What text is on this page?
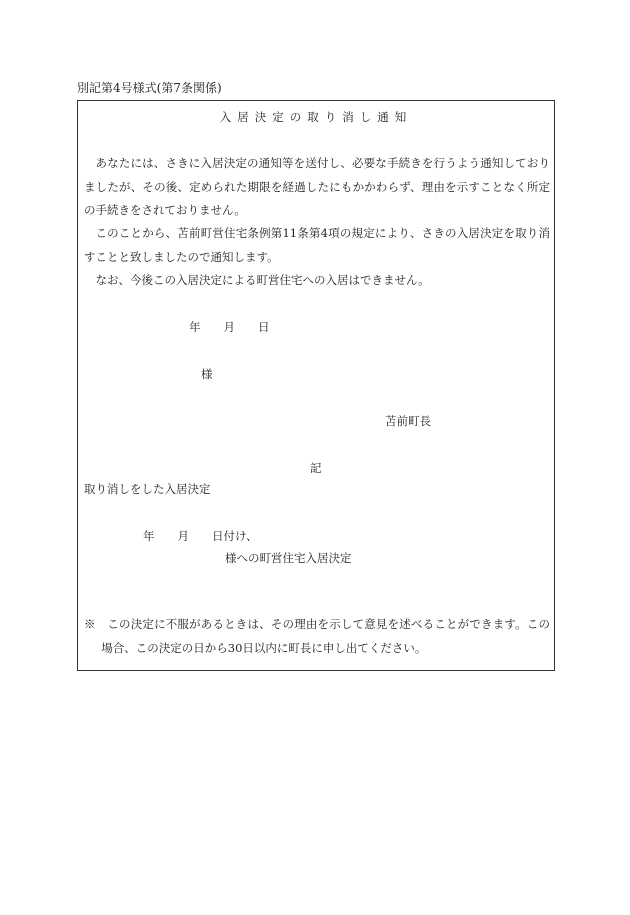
別記第4号様式(第7条関係)
入居決定の取り消し通知
あなたには、さきに入居決定の通知等を送付し、必要な手続きを行うよう通知しておりましたが、その後、定められた期限を経過したにもかかわらず、理由を示すことなく所定の手続きをされておりません。
このことから、苫前町営住宅条例第11条第4項の規定により、さきの入居決定を取り消すことと致しましたので通知します。
なお、今後この入居決定による町営住宅への入居はできません。
年　　月　　日
様
苫前町長
記
取り消しをした入居決定
年　　月　　日付け、
様への町営住宅入居決定
※　この決定に不服があるときは、その理由を示して意見を述べることができます。この場合、この決定の日から30日以内に町長に申し出てください。
